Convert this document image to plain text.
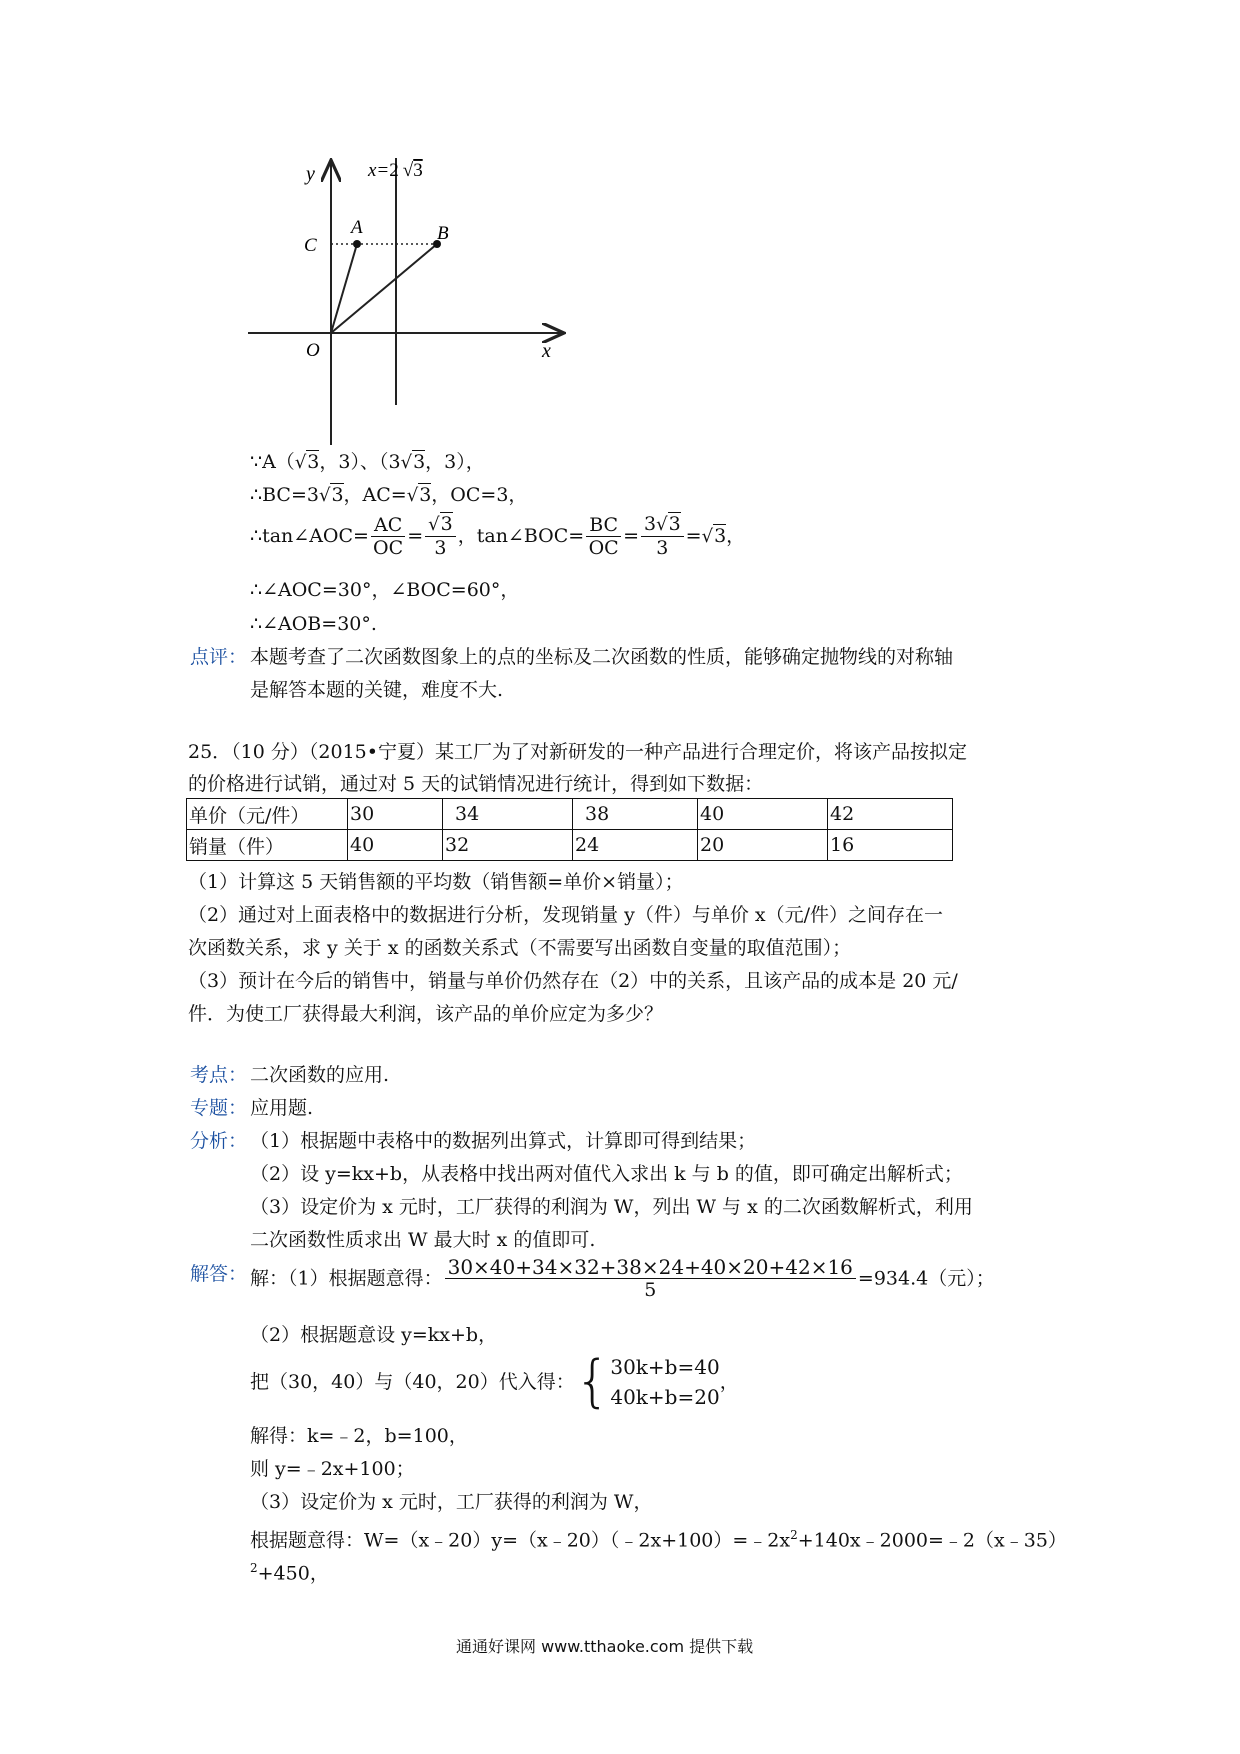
y
x
O
C
A	B
x=2 √3
∵A（√3，3）、（3√3，3），
∴BC=3√3，AC=√3，OC=3，
∴tan∠AOC= $\frac{AC}{OC} = \frac{√3}{3}$ ，tan∠BOC= $\frac{BC}{OC} = \frac{3√3}{3} =√3$，
∴∠AOC=30°，∠BOC=60°，
∴∠AOB=30°.
点评： 本题考查了二次函数图象上的点的坐标及二次函数的性质，能够确定抛物线的对称轴
是解答本题的关键，难度不大.
25．（10 分）（2015•宁夏）某工厂为了对新研发的一种产品进行合理定价，将该产品按拟定
的价格进行试销，通过对 5 天的试销情况进行统计，得到如下数据：
单价（元/件）	30	34	38	40	42
销量（件）	40	32	24	20	16
（1）计算这 5 天销售额的平均数（销售额=单价×销量）；
（2）通过对上面表格中的数据进行分析，发现销量 y（件）与单价 x（元/件）之间存在一
次函数关系，求 y 关于 x 的函数关系式（不需要写出函数自变量的取值范围）；
（3）预计在今后的销售中，销量与单价仍然存在（2）中的关系，且该产品的成本是 20 元/
件．为使工厂获得最大利润，该产品的单价应定为多少？
考点： 二次函数的应用.
专题： 应用题.
分析： （1）根据题中表格中的数据列出算式，计算即可得到结果；
（2）设 y=kx+b，从表格中找出两对值代入求出 k 与 b 的值，即可确定出解析式；
（3）设定价为 x 元时，工厂获得的利润为 W，列出 W 与 x 的二次函数解析式，利用
二次函数性质求出 W 最大时 x 的值即可.
解答： 解：（1）根据题意得： $\frac{30\times 40+34\times 32+38\times 24+40\times 20+42\times 16}{5} =934.4$（元）；
（2）根据题意设 y=kx+b，
把（30，40）与（40，20）代入得：{ 30k+b=40
40k+b=20
，
解得：k=﹣2，b=100，
则 y=﹣2x+100；
（3）设定价为 x 元时，工厂获得的利润为 W，
根据题意得：$W=(x﹣20)y=(x﹣20)(﹣2x+100)=﹣2x^2+140x﹣2000=﹣2(x﹣35)$
$^2$+450，
通通好课网 www.tthaoke.com 提供下载
